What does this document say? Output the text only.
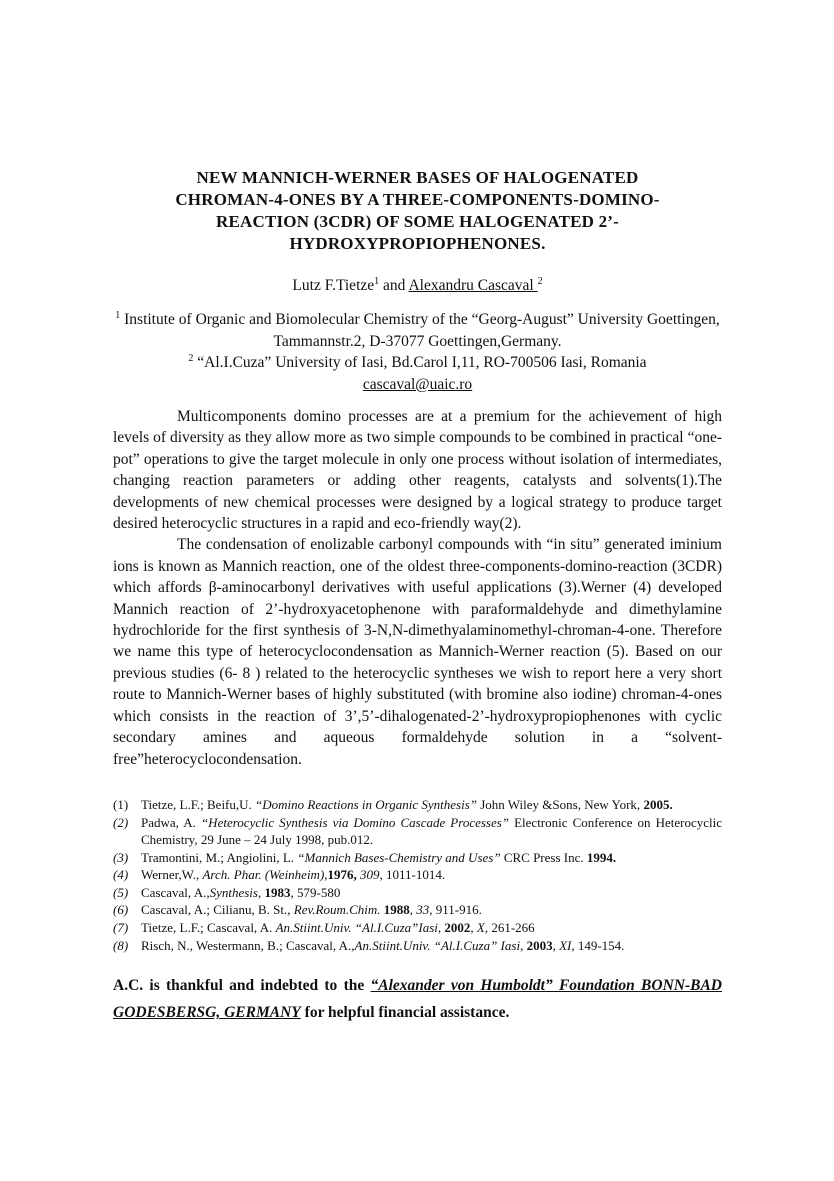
NEW MANNICH-WERNER BASES OF HALOGENATED
CHROMAN-4-ONES BY A THREE-COMPONENTS-DOMINO-
REACTION (3CDR) OF SOME HALOGENATED 2’-
HYDROXYPROPIOPHENONES.
Lutz F.Tietze$^1$ and Alexandru Cascaval $^2$
$^1$ Institute of Organic and Biomolecular Chemistry of the “Georg-August” University Goettingen, Tammannstr.2, D-37077 Goettingen,Germany.
$^2$ “Al.I.Cuza” University of Iasi, Bd.Carol I,11, RO-700506 Iasi, Romania
cascaval@uaic.ro

Multicomponents domino processes are at a premium for the achievement of high levels of diversity as they allow more as two simple compounds to be combined in practical “one-pot” operations to give the target molecule in only one process without isolation of intermediates, changing reaction parameters or adding other reagents, catalysts and solvents(1).The developments of new chemical processes were designed by a logical strategy to produce target desired heterocyclic structures in a rapid and eco-friendly way(2).

The condensation of enolizable carbonyl compounds with “in situ” generated iminium ions is known as Mannich reaction, one of the oldest three-components-domino-reaction (3CDR) which affords β-aminocarbonyl derivatives with useful applications (3).Werner (4) developed Mannich reaction of 2’-hydroxyacetophenone with paraformaldehyde and dimethylamine hydrochloride for the first synthesis of 3-N,N-dimethyalaminomethyl-chroman-4-one. Therefore we name this type of heterocyclocondensation as Mannich-Werner reaction (5). Based on our previous studies (6- 8 ) related to the heterocyclic syntheses we wish to report here a very short route to Mannich-Werner bases of highly substituted (with bromine also iodine) chroman-4-ones which consists in the reaction of 3’,5’-dihalogenated-2’-hydroxypropiophenones with cyclic secondary amines and aqueous formaldehyde solution in a “solvent-free”heterocyclocondensation.

(1) Tietze, L.F.; Beifu,U. “Domino Reactions in Organic Synthesis” John Wiley &Sons, New York, 2005.
(2) Padwa, A. “Heterocyclic Synthesis via Domino Cascade Processes” Electronic Conference on Heterocyclic Chemistry, 29 June – 24 July 1998, pub.012.
(3) Tramontini, M.; Angiolini, L. “Mannich Bases-Chemistry and Uses” CRC Press Inc. 1994.
(4) Werner,W., Arch. Phar. (Weinheim),1976, 309, 1011-1014.
(5) Cascaval, A.,Synthesis, 1983, 579-580
(6) Cascaval, A.; Cilianu, B. St., Rev.Roum.Chim. 1988, 33, 911-916.
(7) Tietze, L.F.; Cascaval, A. An.Stiint.Univ. “Al.I.Cuza”Iasi, 2002, X, 261-266
(8) Risch, N., Westermann, B.; Cascaval, A.,An.Stiint.Univ. “Al.I.Cuza” Iasi, 2003, XI, 149-154.

A.C. is thankful and indebted to the “Alexander von Humboldt” Foundation BONN-BAD GODESBERSG, GERMANY for helpful financial assistance.
